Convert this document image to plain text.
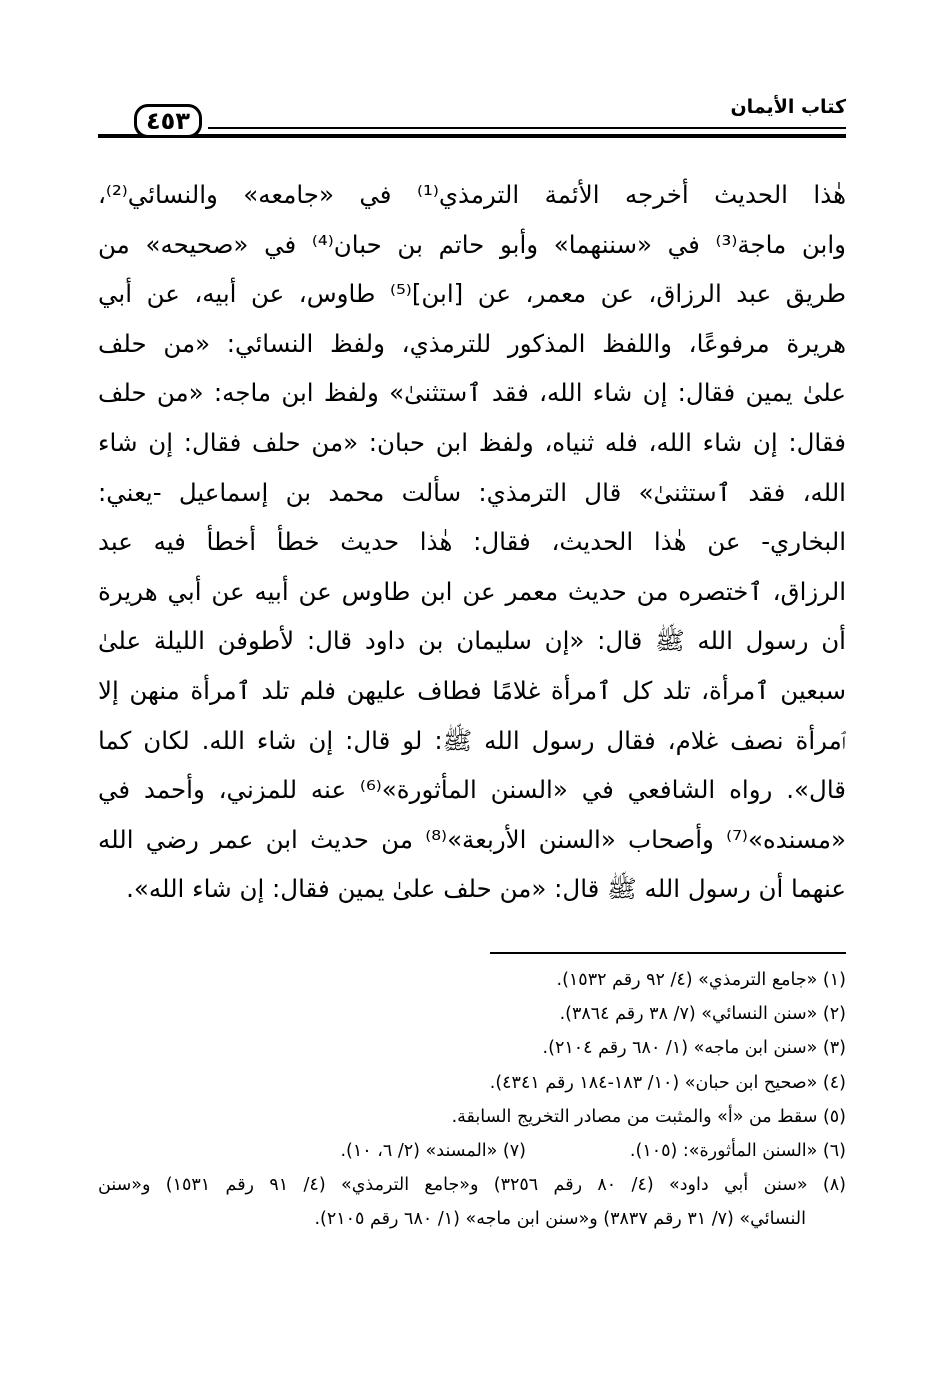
٤٥٣	كتاب الأيمان
هٰذا الحديث أخرجه الأئمة الترمذي⁽¹⁾ في «جامعه» والنسائي⁽²⁾،
وابن ماجة⁽³⁾ في «سننهما» وأبو حاتم بن حبان⁽⁴⁾ في «صحيحه» من
طريق عبد الرزاق، عن معمر، عن [ابن]⁽⁵⁾ طاوس، عن أبيه، عن أبي
هريرة مرفوعًا، واللفظ المذكور للترمذي، ولفظ النسائي: «من حلف
علىٰ يمين فقال: إن شاء الله، فقد ٱستثنىٰ» ولفظ ابن ماجه: «من حلف
فقال: إن شاء الله، فله ثنياه، ولفظ ابن حبان: «من حلف فقال: إن شاء
الله، فقد ٱستثنىٰ» قال الترمذي: سألت محمد بن إسماعيل -يعني:
البخاري- عن هٰذا الحديث، فقال: هٰذا حديث خطأ أخطأ فيه عبد
الرزاق، ٱختصره من حديث معمر عن ابن طاوس عن أبيه عن أبي هريرة
أن رسول الله ﷺ قال: «إن سليمان بن داود قال: لأطوفن الليلة علىٰ
سبعين ٱمرأة، تلد كل ٱمرأة غلامًا فطاف عليهن فلم تلد ٱمرأة منهن إلا
ٱمرأة نصف غلام، فقال رسول الله ﷺ: لو قال: إن شاء الله. لكان كما
قال». رواه الشافعي في «السنن المأثورة»⁽⁶⁾ عنه للمزني، وأحمد في
«مسنده»⁽⁷⁾ وأصحاب «السنن الأربعة»⁽⁸⁾ من حديث ابن عمر رضي الله
عنهما أن رسول الله ﷺ قال: «من حلف علىٰ يمين فقال: إن شاء الله».
(١) «جامع الترمذي» (٤/ ٩٢ رقم ١٥٣٢).
(٢) «سنن النسائي» (٧/ ٣٨ رقم ٣٨٦٤).
(٣) «سنن ابن ماجه» (١/ ٦٨٠ رقم ٢١٠٤).
(٤) «صحيح ابن حبان» (١٠/ ١٨٣-١٨٤ رقم ٤٣٤١).
(٥) سقط من «أ» والمثبت من مصادر التخريج السابقة.
(٦) «السنن المأثورة»: (١٠٥).
(٧) «المسند» (٢/ ٦، ١٠).
(٨) «سنن أبي داود» (٤/ ٨٠ رقم ٣٢٥٦) و«جامع الترمذي» (٤/ ٩١ رقم ١٥٣١) و«سنن
النسائي» (٧/ ٣١ رقم ٣٨٣٧) و«سنن ابن ماجه» (١/ ٦٨٠ رقم ٢١٠٥).
